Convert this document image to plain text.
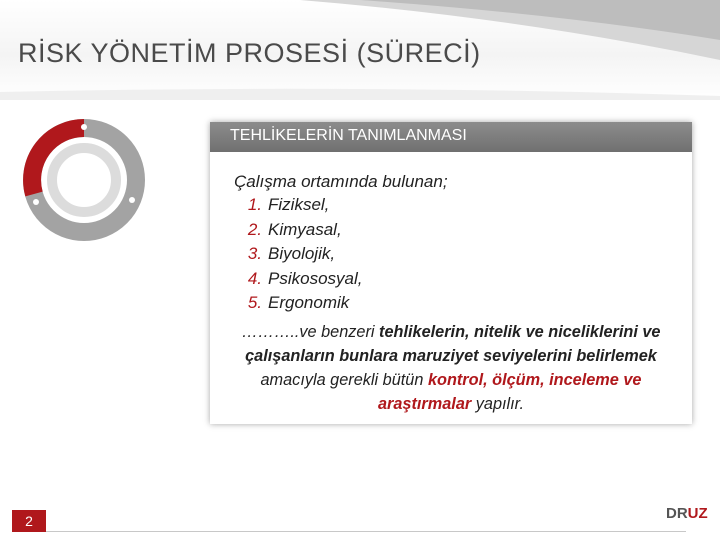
RİSK YÖNETİM PROSESİ (SÜRECİ)
TEHLİKELERİN TANIMLANMASI
Çalışma ortamında bulunan;
1. Fiziksel,
2. Kimyasal,
3. Biyolojik,
4. Psikososyal,
5. Ergonomik
………..ve benzeri tehlikelerin, nitelik ve niceliklerini ve çalışanların bunlara maruziyet seviyelerini belirlemek amacıyla gerekli bütün kontrol, ölçüm, inceleme ve araştırmalar yapılır.
2	DRUZ
